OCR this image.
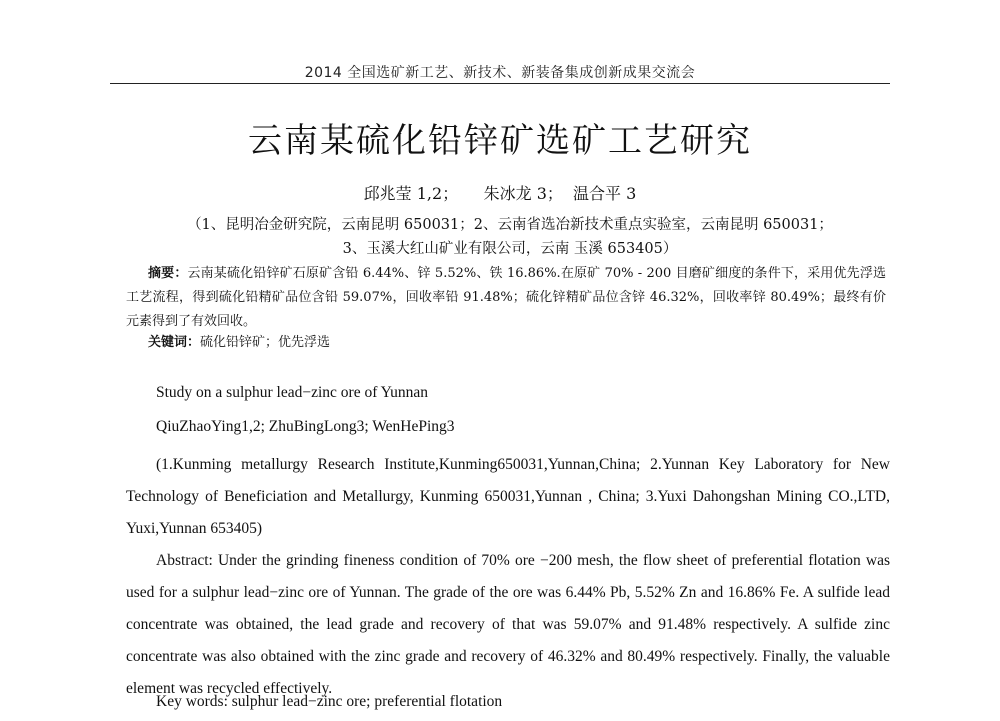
2014 全国选矿新工艺、新技术、新装备集成创新成果交流会
云南某硫化铅锌矿选矿工艺研究
邱兆莹 1,2；     朱冰龙 3；  温合平 3
（1、昆明冶金研究院，云南昆明 650031；2、云南省选冶新技术重点实验室，云南昆明 650031；
3、玉溪大红山矿业有限公司，云南 玉溪 653405）
摘要：云南某硫化铅锌矿石原矿含铅 6.44%、锌 5.52%、铁 16.86%.在原矿 70% - 200 目磨矿细度的条件下，采用优先浮选工艺流程，得到硫化铅精矿品位含铅 59.07%，回收率铅 91.48%；硫化锌精矿品位含锌 46.32%，回收率锌 80.49%；最终有价元素得到了有效回收。
关键词：硫化铅锌矿；优先浮选
Study on a sulphur lead−zinc ore of Yunnan
QiuZhaoYing1,2; ZhuBingLong3; WenHePing3
(1.Kunming metallurgy Research Institute,Kunming650031,Yunnan,China; 2.Yunnan Key Laboratory for New Technology of Beneficiation and Metallurgy, Kunming 650031,Yunnan , China; 3.Yuxi Dahongshan Mining CO.,LTD, Yuxi,Yunnan 653405)
Abstract: Under the grinding fineness condition of 70% ore −200 mesh, the flow sheet of preferential flotation was used for a sulphur lead−zinc ore of Yunnan. The grade of the ore was 6.44% Pb, 5.52% Zn and 16.86% Fe. A sulfide lead concentrate was obtained, the lead grade and recovery of that was 59.07% and 91.48% respectively. A sulfide zinc concentrate was also obtained with the zinc grade and recovery of 46.32% and 80.49% respectively. Finally, the valuable element was recycled effectively.
Key words: sulphur lead−zinc ore; preferential flotation
